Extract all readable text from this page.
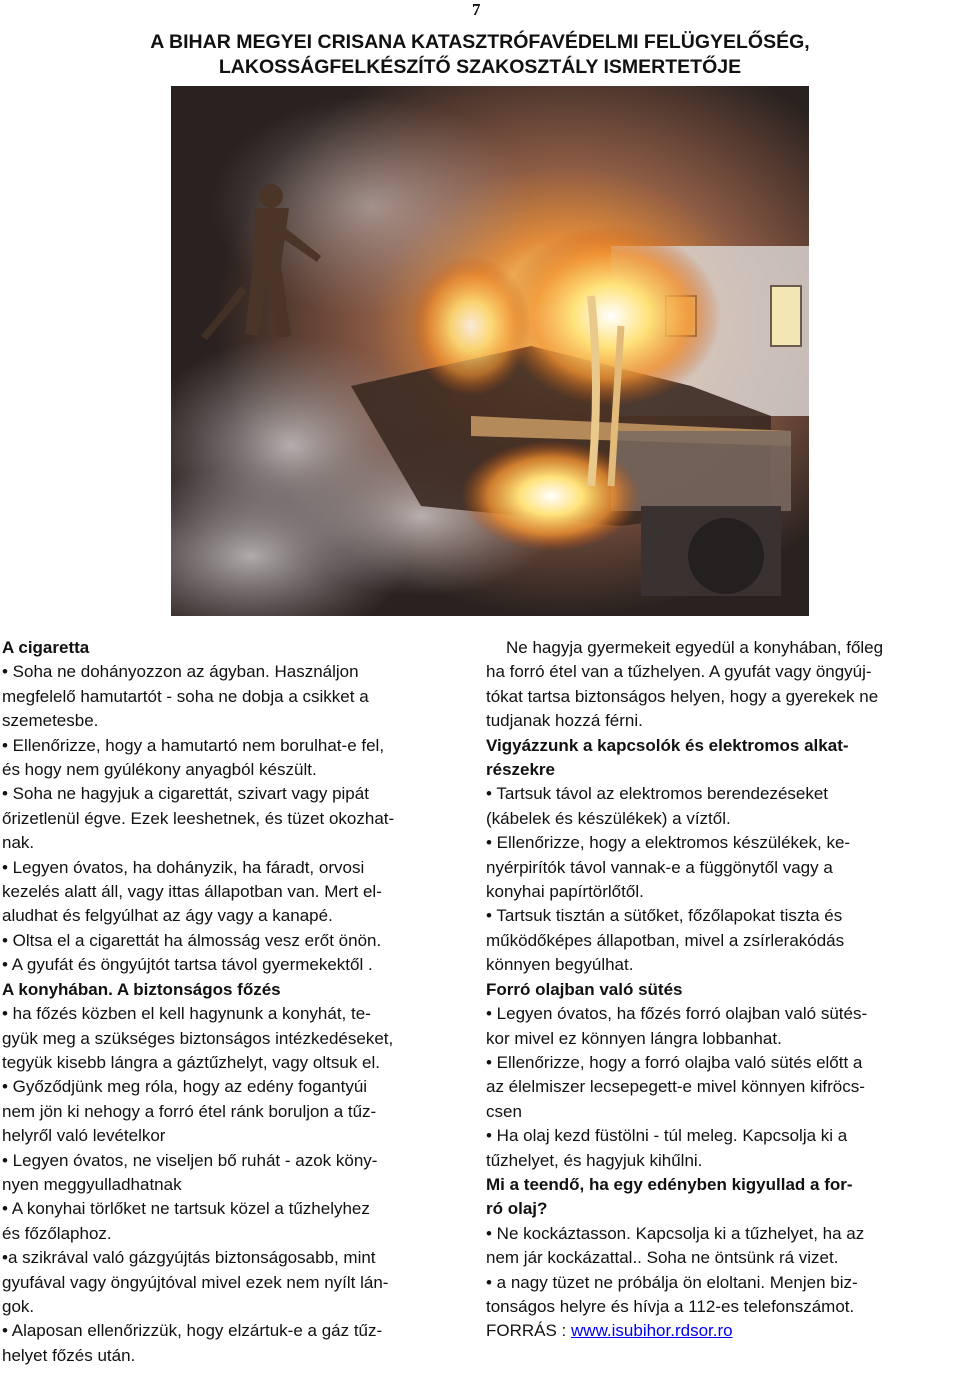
7
A BIHAR MEGYEI CRISANA KATASZTRÓFAVÉDELMI FELÜGYELŐSÉG,
LAKOSSÁGFELKÉSZÍTŐ SZAKOSZTÁLY ISMERTETŐJE
A cigaretta
• Soha ne dohányozzon az ágyban. Használjon
megfelelő hamutartót - soha ne dobja a csikket a
szemetesbe.
• Ellenőrizze, hogy a hamutartó nem borulhat-e fel,
és hogy nem gyúlékony anyagból készült.
• Soha ne hagyjuk a cigarettát, szivart vagy pipát
őrizetlenül égve. Ezek leeshetnek, és tüzet okozhat-
nak.
• Legyen óvatos, ha dohányzik, ha fáradt, orvosi
kezelés alatt áll, vagy ittas állapotban van. Mert el-
aludhat és felgyúlhat az ágy vagy a kanapé.
• Oltsa el a cigarettát ha álmosság vesz erőt önön.
• A gyufát és öngyújtót tartsa távol gyermekektől .
A konyhában. A biztonságos főzés
• ha főzés közben el kell hagynunk a konyhát, te-
gyük meg a szükséges biztonságos intézkedéseket,
tegyük kisebb lángra a gáztűzhelyt, vagy oltsuk el.
• Győződjünk meg róla, hogy az edény fogantyúi
nem jön ki nehogy a forró étel ránk boruljon a tűz-
helyről való levételkor
• Legyen óvatos, ne viseljen bő ruhát - azok köny-
nyen meggyulladhatnak
• A konyhai törlőket ne tartsuk közel a tűzhelyhez
és főzőlaphoz.
•a szikrával való gázgyújtás biztonságosabb, mint
gyufával vagy öngyújtóval mivel ezek nem nyílt lán-
gok.
• Alaposan ellenőrizzük, hogy elzártuk-e a gáz tűz-
helyet főzés után.
Ne hagyja gyermekeit egyedül a konyhában, főleg
ha forró étel van a tűzhelyen. A gyufát vagy öngyúj-
tókat tartsa biztonságos helyen, hogy a gyerekek ne
tudjanak hozzá férni.
Vigyázzunk a kapcsolók és elektromos alkat-
részekre
• Tartsuk távol az elektromos berendezéseket
(kábelek és készülékek) a víztől.
• Ellenőrizze, hogy a elektromos készülékek, ke-
nyérpirítók távol vannak-e a függönytől vagy a
konyhai papírtörlőtől.
• Tartsuk tisztán a sütőket, főzőlapokat tiszta és
működőképes állapotban, mivel a zsírlerakódás
könnyen begyúlhat.
Forró olajban való sütés
• Legyen óvatos, ha főzés forró olajban való sütés-
kor mivel ez könnyen lángra lobbanhat.
• Ellenőrizze, hogy a forró olajba való sütés előtt a
az élelmiszer lecsepegett-e mivel könnyen kifröcs-
csen
• Ha olaj kezd füstölni - túl meleg. Kapcsolja ki a
tűzhelyet, és hagyjuk kihűlni.
Mi a teendő, ha egy edényben kigyullad a for-
ró olaj?
• Ne kockáztasson. Kapcsolja ki a tűzhelyet, ha az
nem jár kockázattal.. Soha ne öntsünk rá vizet.
• a nagy tüzet ne próbálja ön eloltani. Menjen biz-
tonságos helyre és hívja a 112-es telefonszámot.
FORRÁS : www.isubihor.rdsor.ro
